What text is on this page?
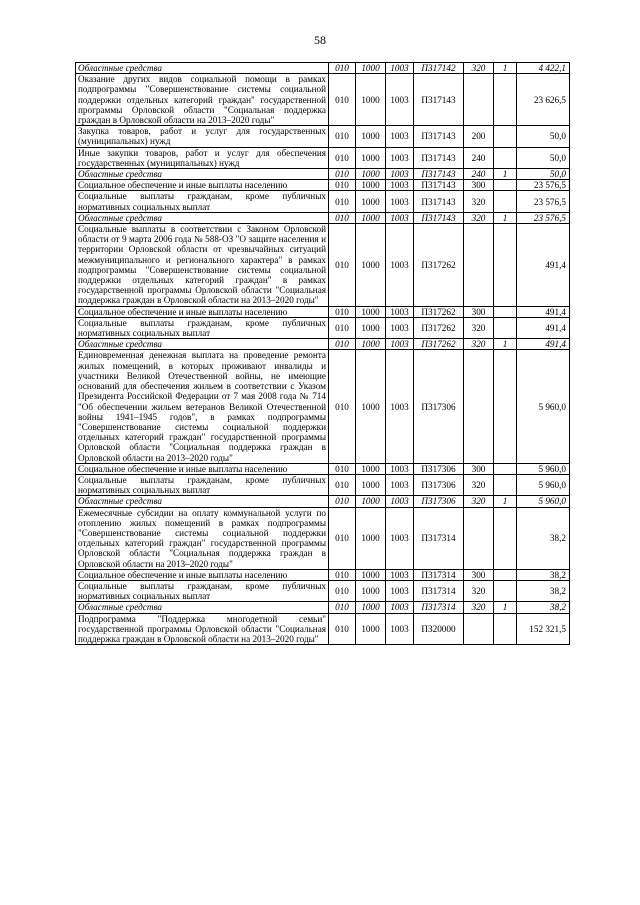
58
Областные средства	010	1000	1003	П317142	320	1	4 422,1
Оказание других видов социальной помощи в рамках подпрограммы "Совершенствование системы социальной поддержки отдельных категорий граждан" государственной программы Орловской области "Социальная поддержка граждан в Орловской области на 2013–2020 годы"	010	1000	1003	П317143			23 626,5
Закупка товаров, работ и услуг для государственных (муниципальных) нужд	010	1000	1003	П317143	200		50,0
Иные закупки товаров, работ и услуг для обеспечения государственных (муниципальных) нужд	010	1000	1003	П317143	240		50,0
Областные средства	010	1000	1003	П317143	240	1	50,0
Социальное обеспечение и иные выплаты населению	010	1000	1003	П317143	300		23 576,5
Социальные выплаты гражданам, кроме публичных нормативных социальных выплат	010	1000	1003	П317143	320		23 576,5
Областные средства	010	1000	1003	П317143	320	1	23 576,5
Социальные выплаты в соответствии с Законом Орловской области от 9 марта 2006 года № 588-ОЗ "О защите населения и территории Орловской области от чрезвычайных ситуаций межмуниципального и регионального характера" в рамках подпрограммы "Совершенствование системы социальной поддержки отдельных категорий граждан" в рамках государственной программы Орловской области "Социальная поддержка граждан в Орловской области на 2013–2020 годы"	010	1000	1003	П317262			491,4
Социальное обеспечение и иные выплаты населению	010	1000	1003	П317262	300		491,4
Социальные выплаты гражданам, кроме публичных нормативных социальных выплат	010	1000	1003	П317262	320		491,4
Областные средства	010	1000	1003	П317262	320	1	491,4
Единовременная денежная выплата на проведение ремонта жилых помещений, в которых проживают инвалиды и участники Великой Отечественной войны, не имеющие оснований для обеспечения жильем в соответствии с Указом Президента Российской Федерации от 7 мая 2008 года № 714 "Об обеспечении жильем ветеранов Великой Отечественной войны 1941–1945 годов", в рамках подпрограммы "Совершенствование системы социальной поддержки отдельных категорий граждан" государственной программы Орловской области "Социальная поддержка граждан в Орловской области на 2013–2020 годы"	010	1000	1003	П317306			5 960,0
Социальное обеспечение и иные выплаты населению	010	1000	1003	П317306	300		5 960,0
Социальные выплаты гражданам, кроме публичных нормативных социальных выплат	010	1000	1003	П317306	320		5 960,0
Областные средства	010	1000	1003	П317306	320	1	5 960,0
Ежемесячные субсидии на оплату коммунальной услуги по отоплению жилых помещений в рамках подпрограммы "Совершенствование системы социальной поддержки отдельных категорий граждан" государственной программы Орловской области "Социальная поддержка граждан в Орловской области на 2013–2020 годы"	010	1000	1003	П317314			38,2
Социальное обеспечение и иные выплаты населению	010	1000	1003	П317314	300		38,2
Социальные выплаты гражданам, кроме публичных нормативных социальных выплат	010	1000	1003	П317314	320		38,2
Областные средства	010	1000	1003	П317314	320	1	38,2
Подпрограмма "Поддержка многодетной семьи" государственной программы Орловской области "Социальная поддержка граждан в Орловской области на 2013–2020 годы"	010	1000	1003	П320000			152 321,5
